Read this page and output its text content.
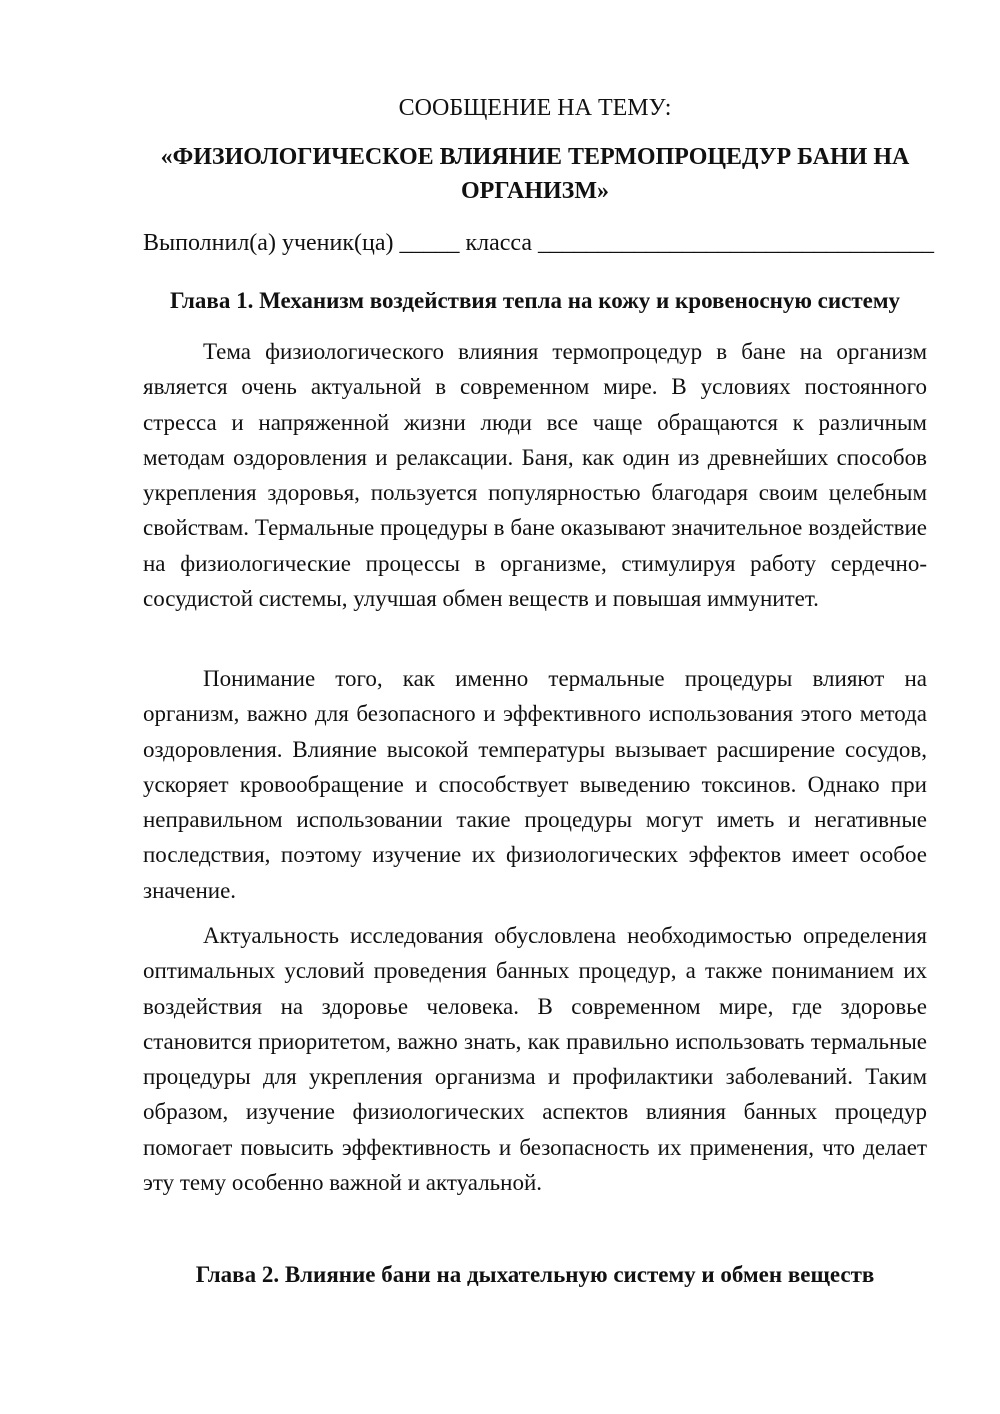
СООБЩЕНИЕ НА ТЕМУ:
«ФИЗИОЛОГИЧЕСКОЕ ВЛИЯНИЕ ТЕРМОПРОЦЕДУР БАНИ НА ОРГАНИЗМ»
Выполнил(а) ученик(ца) _____ класса _________________________________
Глава 1. Механизм воздействия тепла на кожу и кровеносную систему

Тема физиологического влияния термопроцедур в бане на организм является очень актуальной в современном мире. В условиях постоянного стресса и напряженной жизни люди все чаще обращаются к различным методам оздоровления и релаксации. Баня, как один из древнейших способов укрепления здоровья, пользуется популярностью благодаря своим целебным свойствам. Термальные процедуры в бане оказывают значительное воздействие на физиологические процессы в организме, стимулируя работу сердечно-сосудистой системы, улучшая обмен веществ и повышая иммунитет.

Понимание того, как именно термальные процедуры влияют на организм, важно для безопасного и эффективного использования этого метода оздоровления. Влияние высокой температуры вызывает расширение сосудов, ускоряет кровообращение и способствует выведению токсинов. Однако при неправильном использовании такие процедуры могут иметь и негативные последствия, поэтому изучение их физиологических эффектов имеет особое значение.

Актуальность исследования обусловлена необходимостью определения оптимальных условий проведения банных процедур, а также пониманием их воздействия на здоровье человека. В современном мире, где здоровье становится приоритетом, важно знать, как правильно использовать термальные процедуры для укрепления организма и профилактики заболеваний. Таким образом, изучение физиологических аспектов влияния банных процедур помогает повысить эффективность и безопасность их применения, что делает эту тему особенно важной и актуальной.

Глава 2. Влияние бани на дыхательную систему и обмен веществ
